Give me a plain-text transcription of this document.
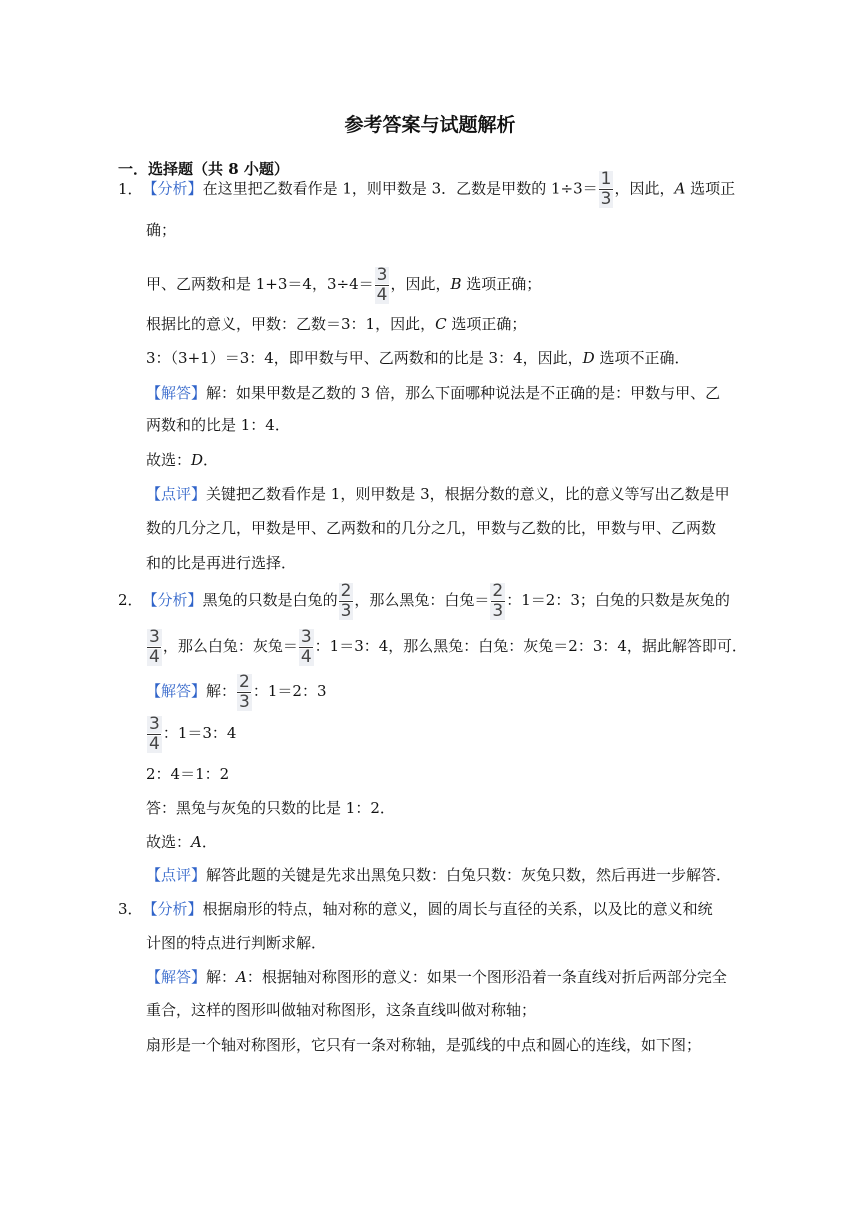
参考答案与试题解析
一．选择题（共 8 小题）
1．【分析】在这里把乙数看作是 1，则甲数是 3．乙数是甲数的 $1\div 3= \frac{1}{3}$ ，因此，A 选项正
确；
甲、乙两数和是 1+3＝4，$3\div 4= \frac{3}{4}$ ，因此，B 选项正确；
根据比的意义，甲数：乙数＝3：1，因此，C 选项正确；
3：（3+1）＝3：4，即甲数与甲、乙两数和的比是 3：4，因此，D 选项不正确．
【解答】解：如果甲数是乙数的 3 倍，那么下面哪种说法是不正确的是：甲数与甲、乙
两数和的比是 1：4．
故选：D．
【点评】关键把乙数看作是 1，则甲数是 3，根据分数的意义，比的意义等写出乙数是甲
数的几分之几，甲数是甲、乙两数和的几分之几，甲数与乙数的比，甲数与甲、乙两数
和的比是再进行选择．
2．【分析】黑兔的只数是白兔的 $\frac{2}{3}$ ，那么黑兔：白兔＝ $\frac{2}{3}$ ：1＝2：3；白兔的只数是灰兔的
$\frac{3}{4}$ ，那么白兔：灰兔＝ $\frac{3}{4}$ ：1＝3：4，那么黑兔：白兔：灰兔＝2：3：4，据此解答即可．
【解答】解： $\frac{2}{3}$ ：1＝2：3
$\frac{3}{4}$ ：1＝3：4
2：4＝1：2
答：黑兔与灰兔的只数的比是 1：2．
故选：A．
【点评】解答此题的关键是先求出黑兔只数：白兔只数：灰兔只数，然后再进一步解答．
3．【分析】根据扇形的特点，轴对称的意义，圆的周长与直径的关系，以及比的意义和统
计图的特点进行判断求解．
【解答】解：A：根据轴对称图形的意义：如果一个图形沿着一条直线对折后两部分完全
重合，这样的图形叫做轴对称图形，这条直线叫做对称轴；
扇形是一个轴对称图形，它只有一条对称轴，是弧线的中点和圆心的连线，如下图；
